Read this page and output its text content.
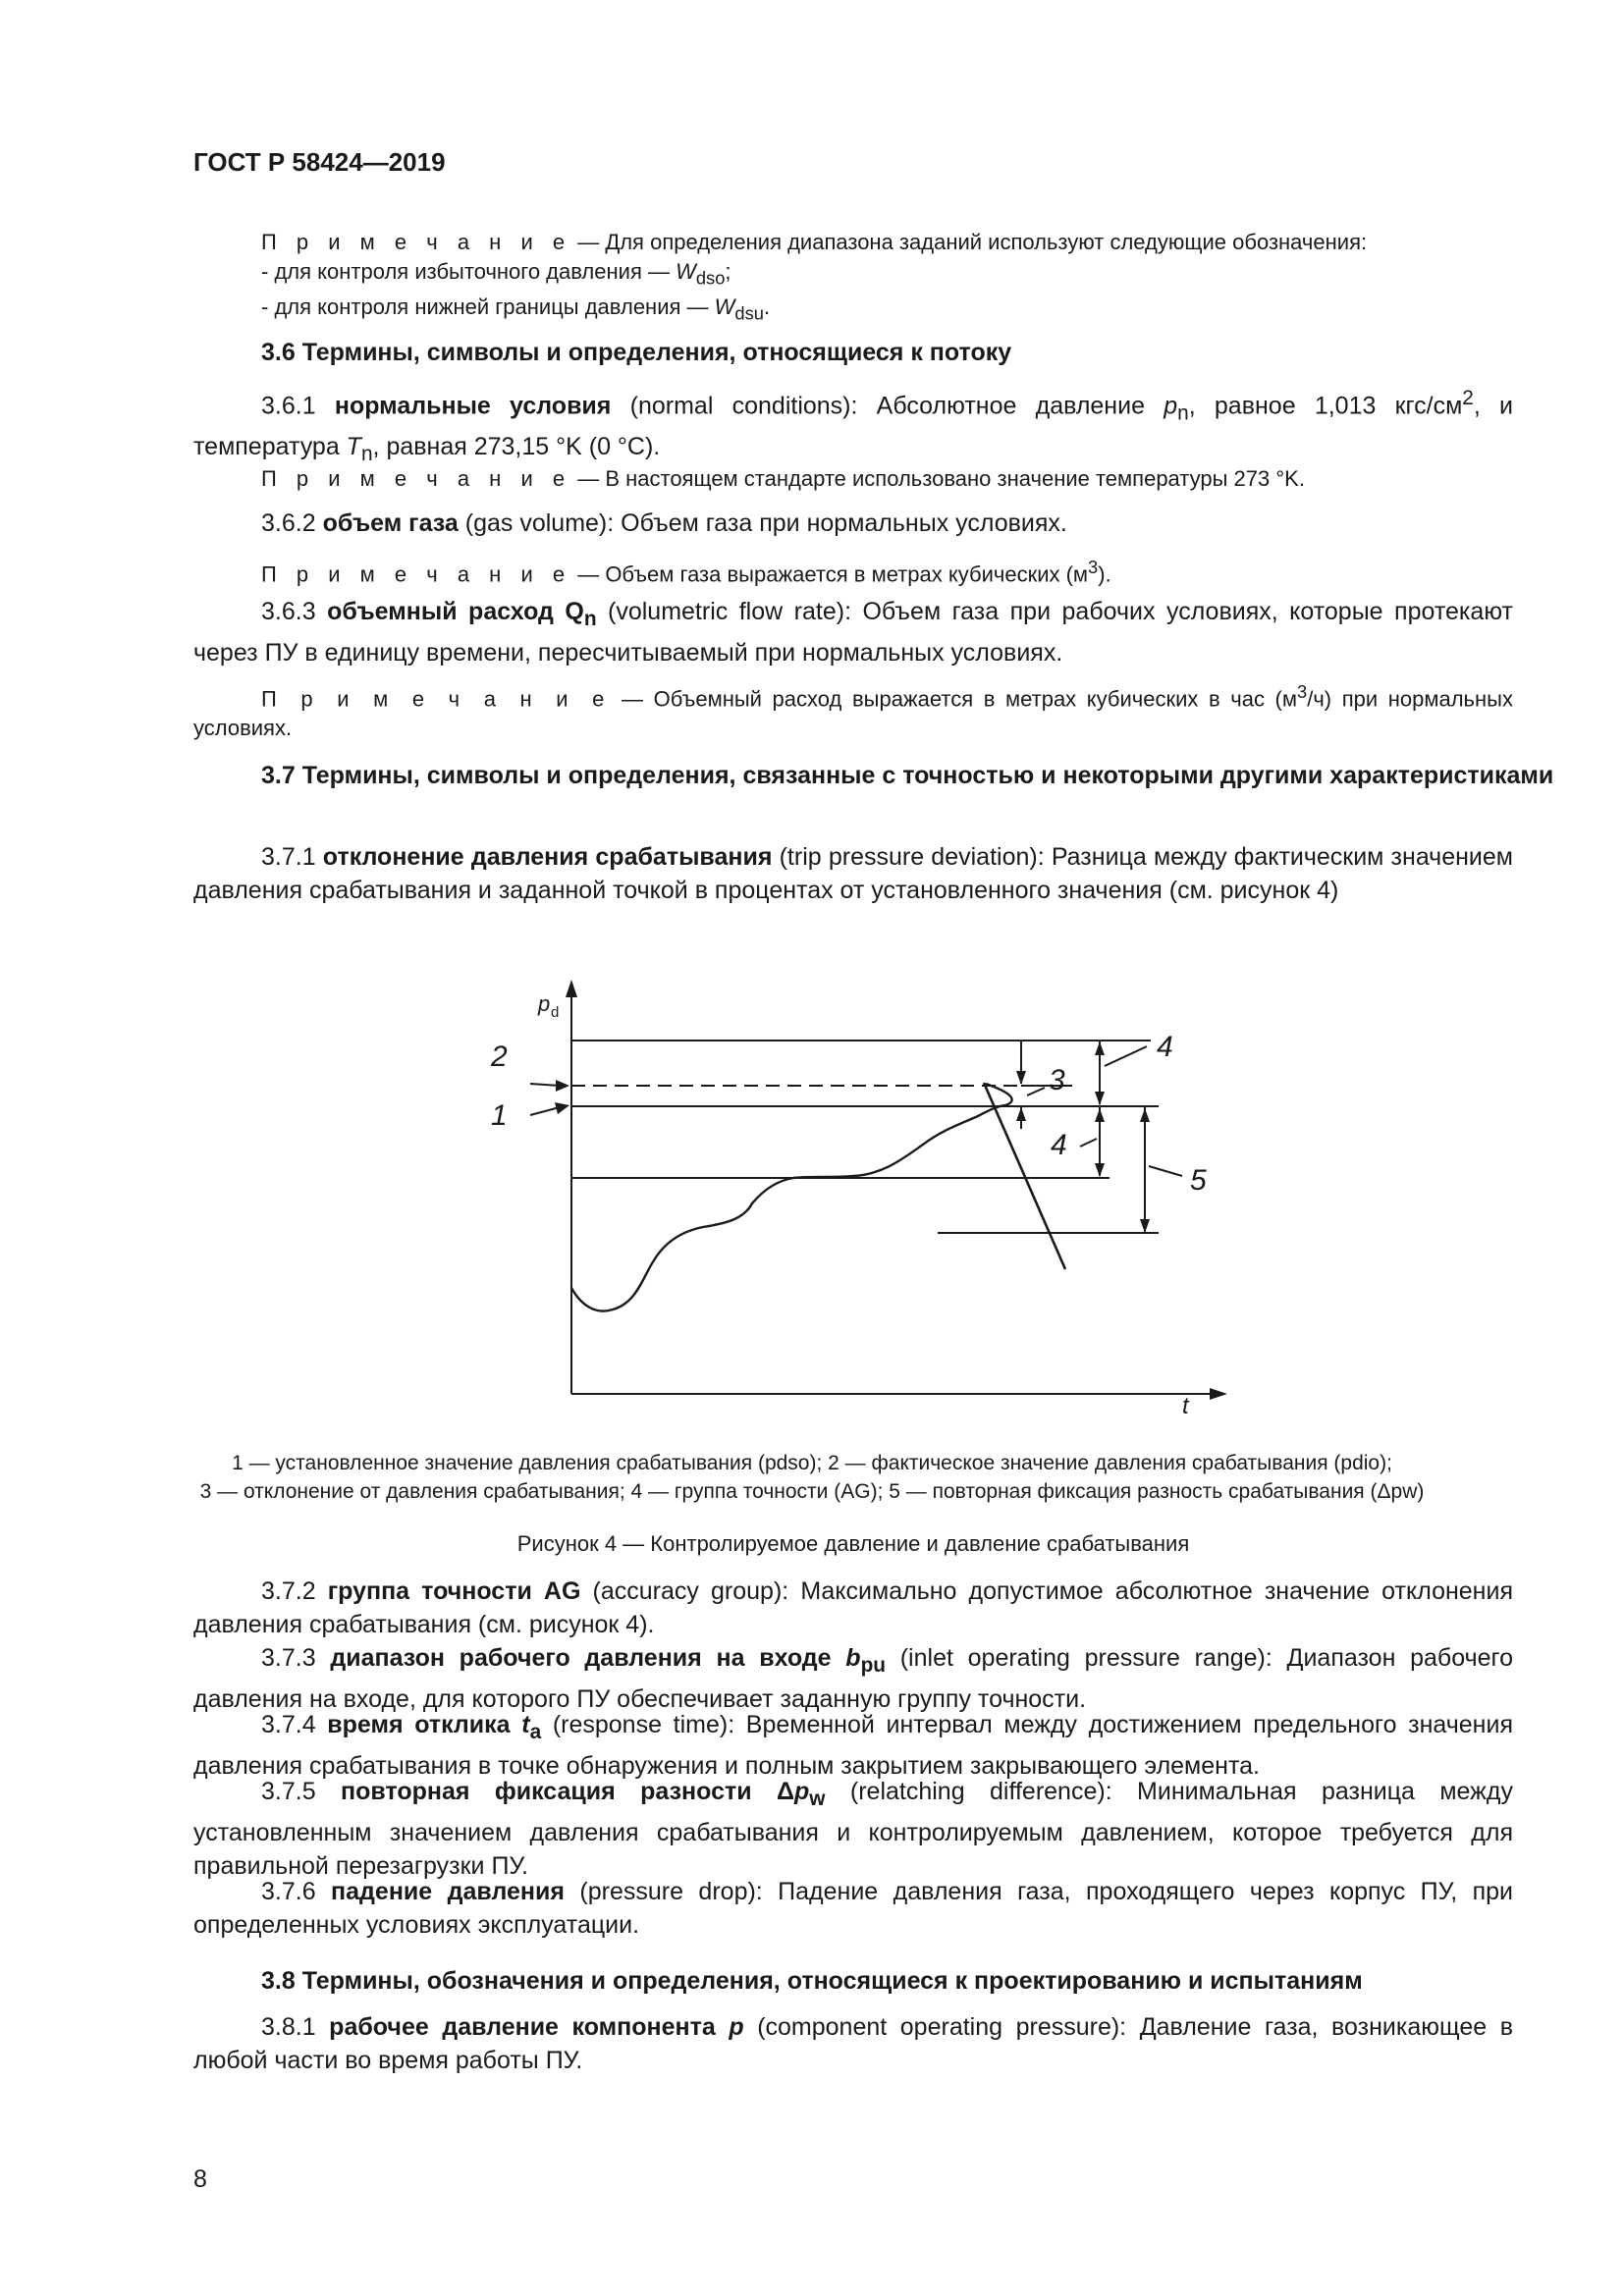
ГОСТ Р 58424—2019
П р и м е ч а н и е — Для определения диапазона заданий используют следующие обозначения:
- для контроля избыточного давления — $W_{dso}$;
- для контроля нижней границы давления — $W_{dsu}$.
3.6 Термины, символы и определения, относящиеся к потоку

3.6.1 нормальные условия (normal conditions): Абсолютное давление $p_n$, равное 1,013 кгс/$см^2$, и температура $T_n$, равная 273,15 °K (0 °C).

П р и м е ч а н и е — В настоящем стандарте использовано значение температуры 273 °K.

3.6.2 объем газа (gas volume): Объем газа при нормальных условиях.

П р и м е ч а н и е — Объем газа выражается в метрах кубических $(м^3)$.

3.6.3 объемный расход $Q_n$ (volumetric flow rate): Объем газа при рабочих условиях, которые протекают через ПУ в единицу времени, пересчитываемый при нормальных условиях.

П р и м е ч а н и е — Объемный расход выражается в метрах кубических в час $(м^3/ч)$ при нормальных условиях.
3.7 Термины, символы и определения, связанные с точностью и некоторыми другими характеристиками

3.7.1 отклонение давления срабатывания (trip pressure deviation): Разница между фактическим значением давления срабатывания и заданной точкой в процентах от установленного значения (см. рисунок 4)

p d
t
1
2
3
4
4
5
1 — установленное значение давления срабатывания (pdso); 2 — фактическое значение давления срабатывания (pdio);
3 — отклонение от давления срабатывания; 4 — группа точности (AG); 5 — повторная фиксация разность срабатывания (Δpw)
Рисунок 4 — Контролируемое давление и давление срабатывания

3.7.2 группа точности AG (accuracy group): Максимально допустимое абсолютное значение отклонения давления срабатывания (см. рисунок 4).

3.7.3 диапазон рабочего давления на входе $b_{pu}$ (inlet operating pressure range): Диапазон рабочего давления на входе, для которого ПУ обеспечивает заданную группу точности.

3.7.4 время отклика $t_a$ (response time): Временной интервал между достижением предельного значения давления срабатывания в точке обнаружения и полным закрытием закрывающего элемента.

3.7.5 повторная фиксация разности $\Delta p_w$ (relatching difference): Минимальная разница между установленным значением давления срабатывания и контролируемым давлением, которое требуется для правильной перезагрузки ПУ.

3.7.6 падение давления (pressure drop): Падение давления газа, проходящего через корпус ПУ, при определенных условиях эксплуатации.

3.8 Термины, обозначения и определения, относящиеся к проектированию и испытаниям

3.8.1 рабочее давление компонента p (component operating pressure): Давление газа, возникающее в любой части во время работы ПУ.

8
